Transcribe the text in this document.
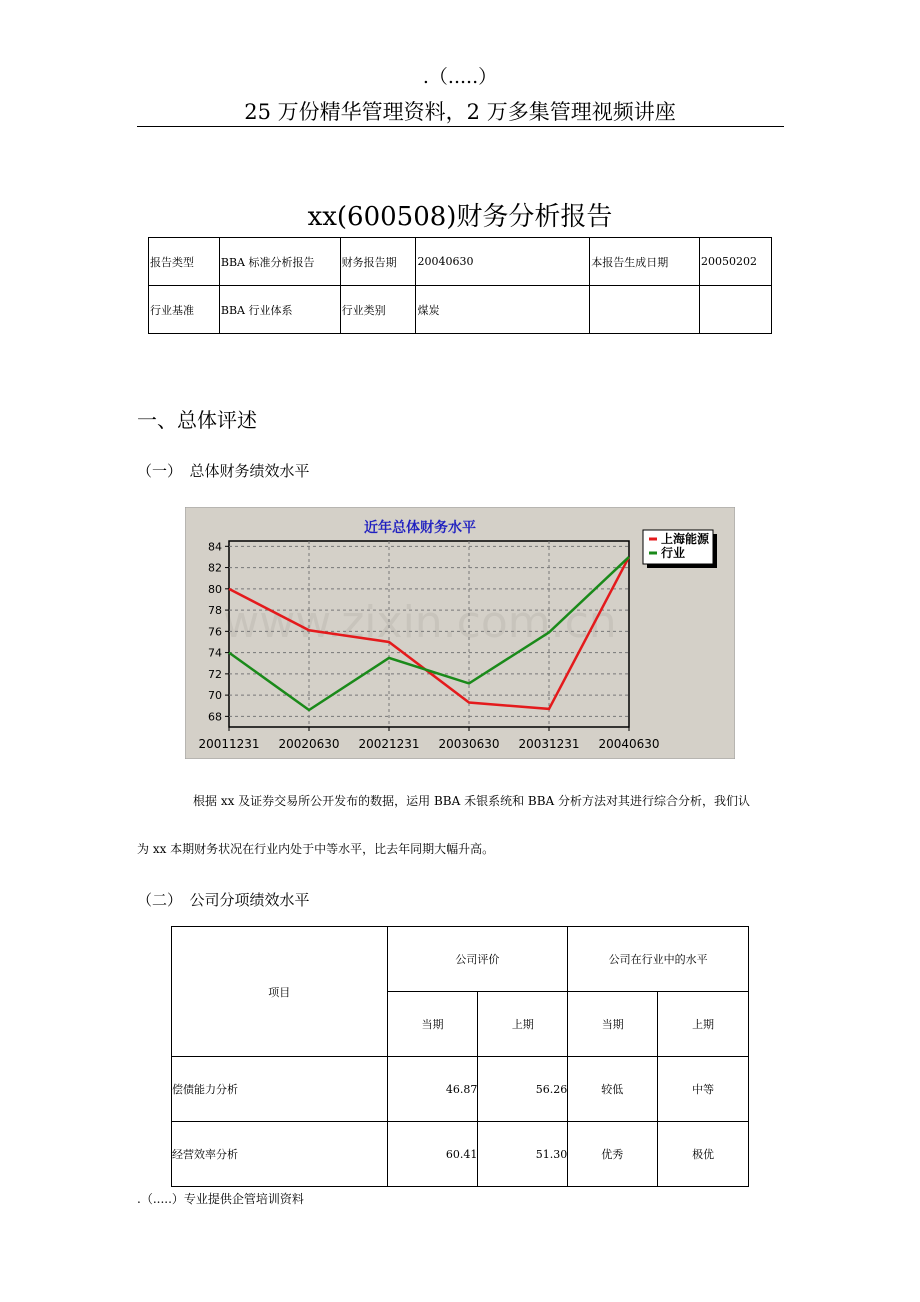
.（.....）
25 万份精华管理资料，2 万多集管理视频讲座
xx(600508)财务分析报告
报告类型	BBA 标准分析报告	财务报告期	20040630	本报告生成日期	20050202
行业基准	BBA 行业体系	行业类别	煤炭		
一、总体评述
（一）　总体财务绩效水平
www.zixin.com.cn
近年总体财务水平
68
70
72
74
76
78
80
82
84
20011231 20020630 20021231 20030630 20031231 20040630
上海能源
行业
根据 xx 及证券交易所公开发布的数据，运用 BBA 禾银系统和 BBA 分析方法对其进行综合分析，我们认
为 xx 本期财务状况在行业内处于中等水平，比去年同期大幅升高。
（二）　公司分项绩效水平
项目	公司评价		公司在行业中的水平	
	当期	上期	当期	上期
偿债能力分析	46.87	56.26	较低	中等
经营效率分析	60.41	51.30	优秀	极优
.（.....）专业提供企管培训资料
